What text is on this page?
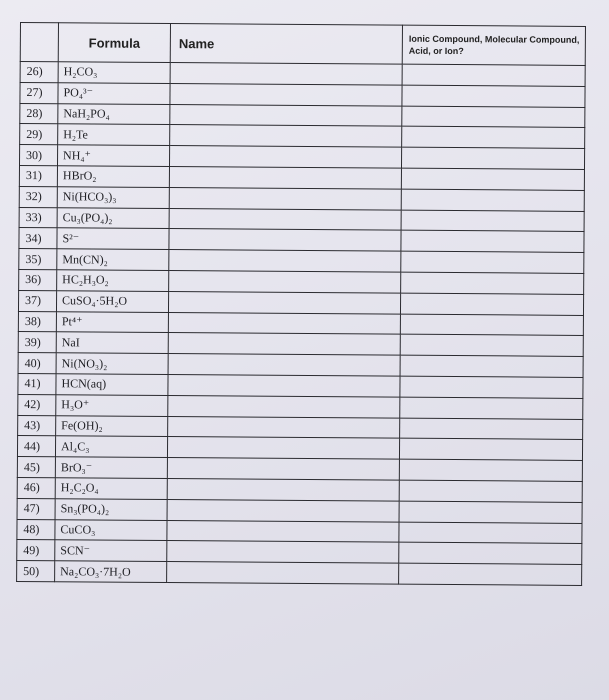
	Formula	Name	Ionic Compound, Molecular Compound, Acid, or Ion?
26)	H₂CO₃		
27)	PO₄³⁻		
28)	NaH₂PO₄		
29)	H₂Te		
30)	NH₄⁺		
31)	HBrO₂		
32)	Ni(HCO₃)₃		
33)	Cu₃(PO₄)₂		
34)	S²⁻		
35)	Mn(CN)₂		
36)	HC₂H₃O₂		
37)	CuSO₄·5H₂O		
38)	Pt⁴⁺		
39)	NaI		
40)	Ni(NO₃)₂		
41)	HCN(aq)		
42)	H₃O⁺		
43)	Fe(OH)₂		
44)	Al₄C₃		
45)	BrO₃⁻		
46)	H₂C₂O₄		
47)	Sn₃(PO₄)₂		
48)	CuCO₃		
49)	SCN⁻		
50)	Na₂CO₃·7H₂O		
